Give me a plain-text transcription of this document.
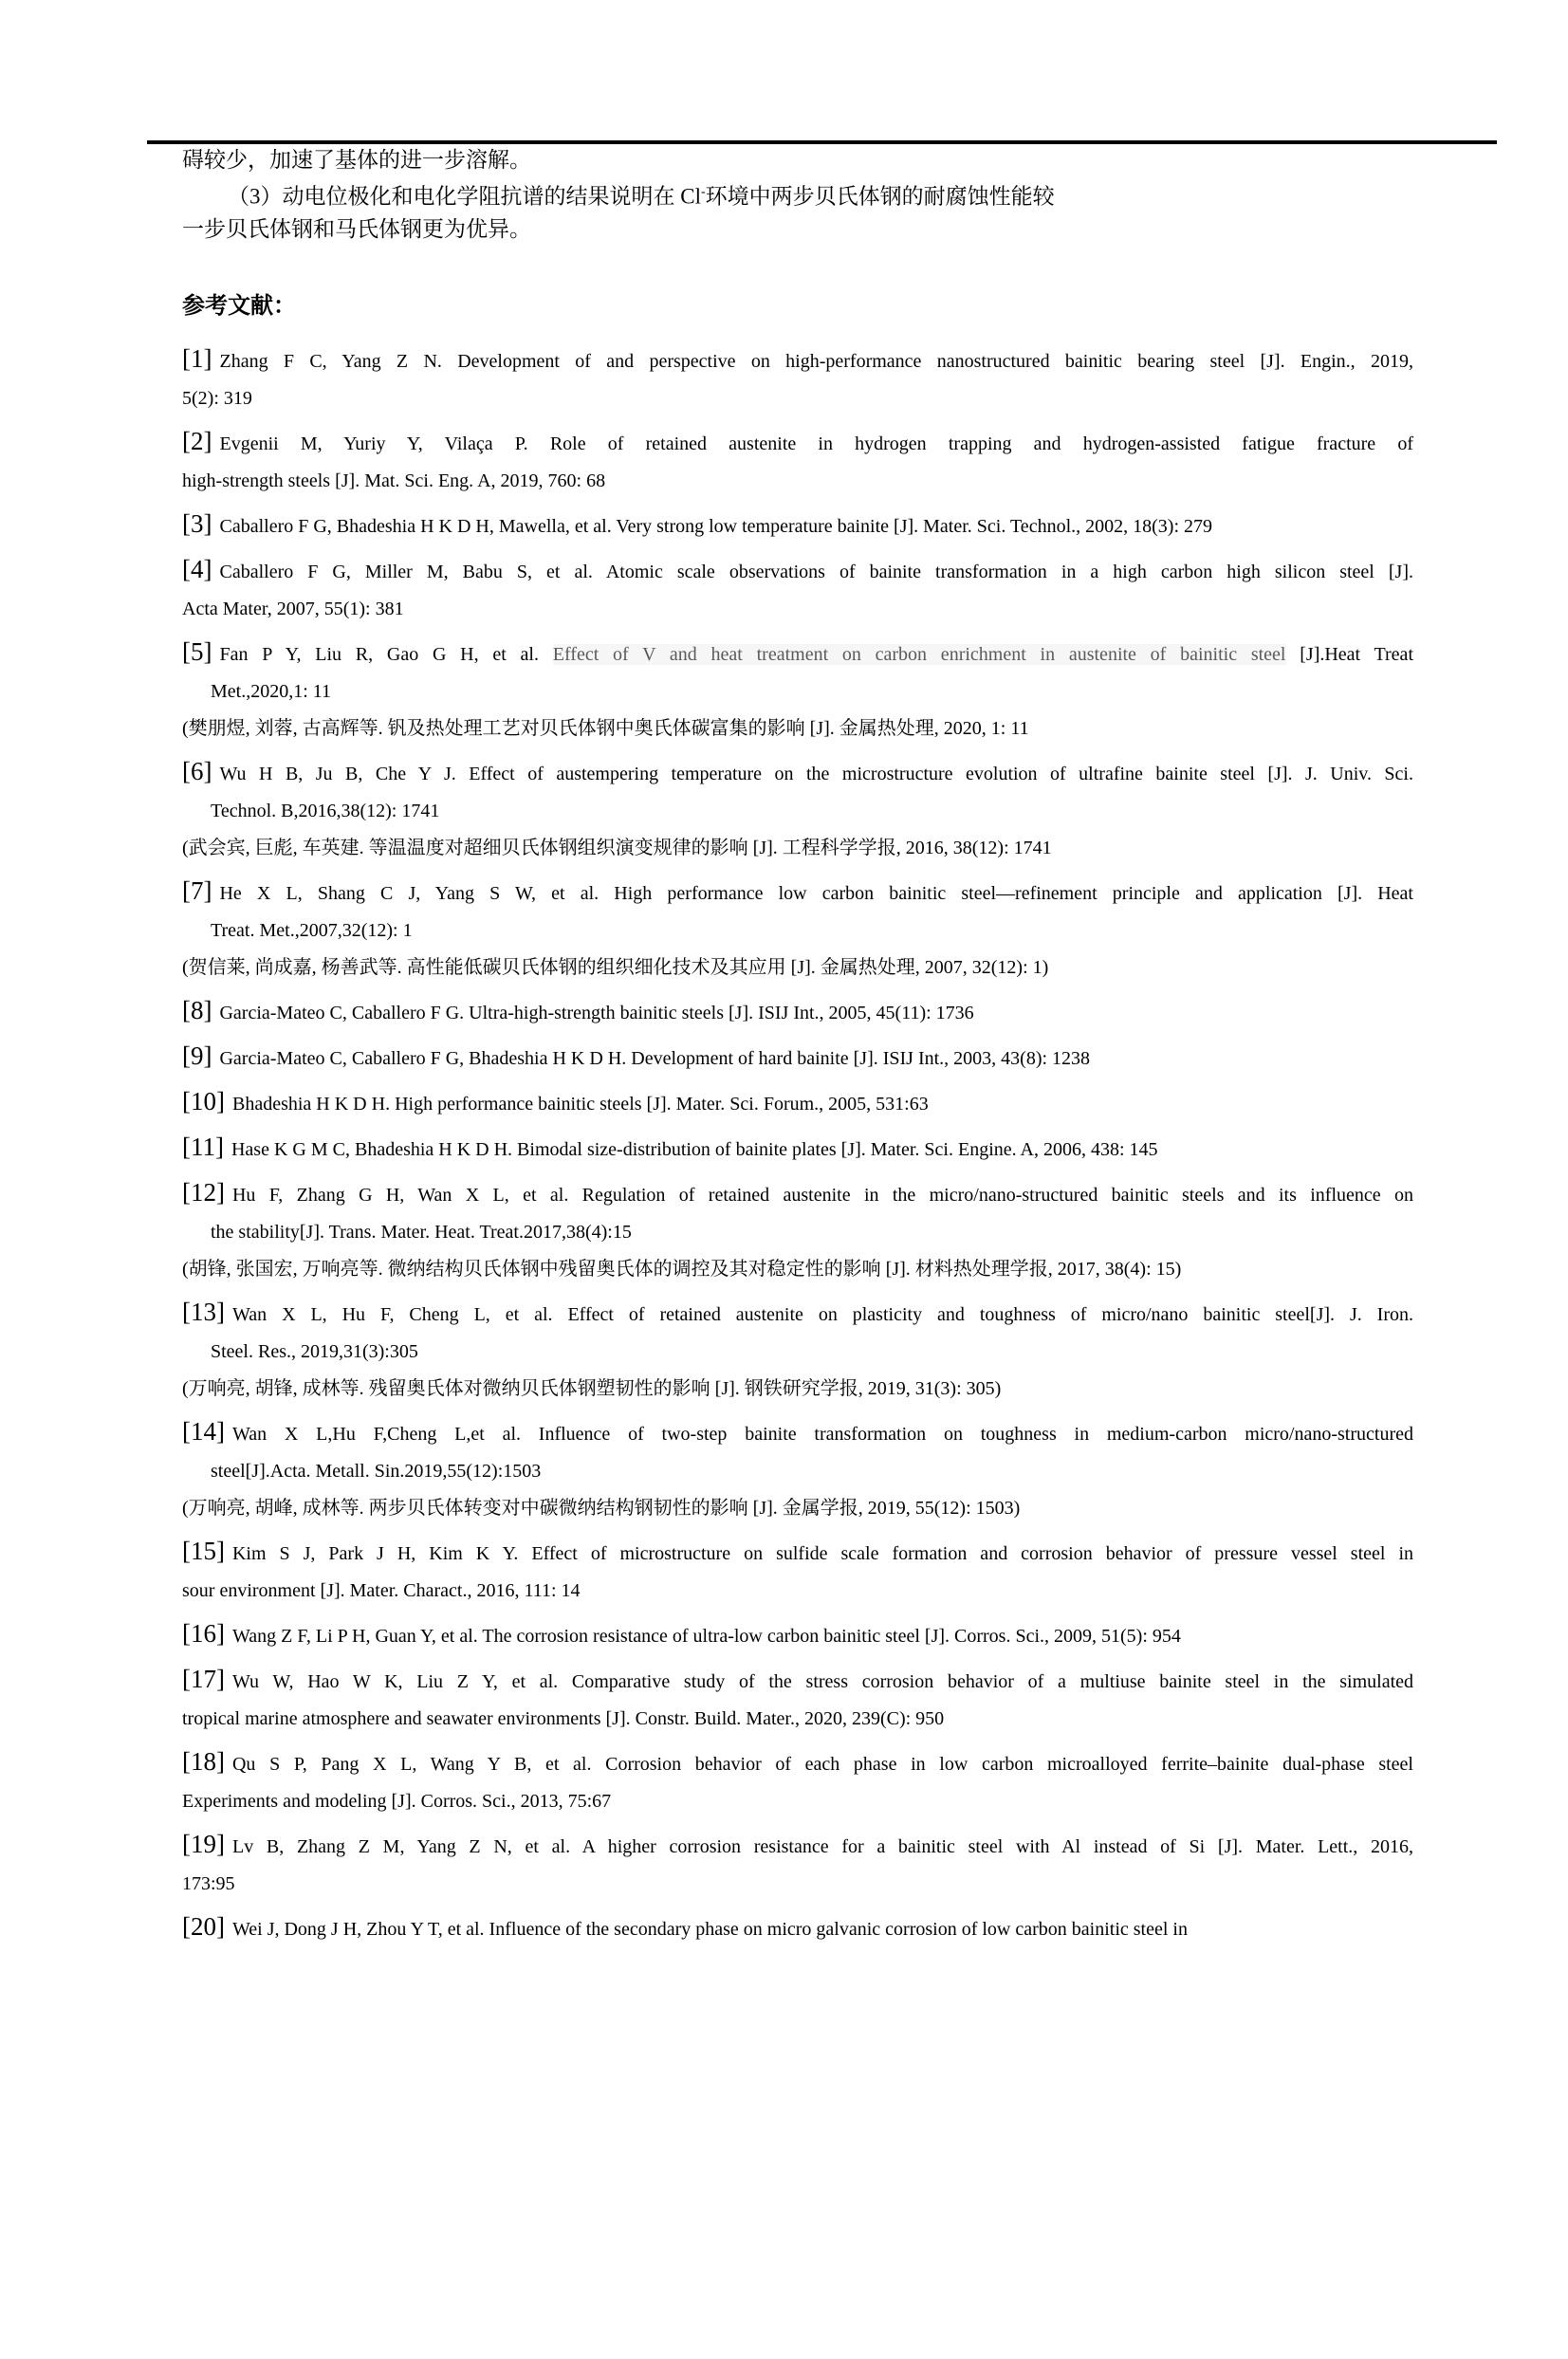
碍较少，加速了基体的进一步溶解。

（3）动电位极化和电化学阻抗谱的结果说明在 Cl-环境中两步贝氏体钢的耐腐蚀性能较

一步贝氏体钢和马氏体钢更为优异。

参考文献：

[1] Zhang F C, Yang Z N. Development of and perspective on high-performance nanostructured bainitic bearing steel [J]. Engin., 2019,
5(2): 319
[2] Evgenii M, Yuriy Y, Vilaça P. Role of retained austenite in hydrogen trapping and hydrogen-assisted fatigue fracture of
high-strength steels [J]. Mat. Sci. Eng. A, 2019, 760: 68
[3] Caballero F G, Bhadeshia H K D H, Mawella, et al. Very strong low temperature bainite [J]. Mater. Sci. Technol., 2002, 18(3): 279
[4] Caballero F G, Miller M, Babu S, et al. Atomic scale observations of bainite transformation in a high carbon high silicon steel [J].
Acta Mater, 2007, 55(1): 381
[5] Fan P Y, Liu R, Gao G H, et al. Effect of V and heat treatment on carbon enrichment in austenite of bainitic steel [J].Heat Treat
Met.,2020,1: 11
(樊朋煜, 刘蓉, 古高辉等. 钒及热处理工艺对贝氏体钢中奥氏体碳富集的影响 [J]. 金属热处理, 2020, 1: 11
[6] Wu H B, Ju B, Che Y J. Effect of austempering temperature on the microstructure evolution of ultrafine bainite steel [J]. J. Univ. Sci.
Technol. B,2016,38(12): 1741
(武会宾, 巨彪, 车英建. 等温温度对超细贝氏体钢组织演变规律的影响 [J]. 工程科学学报, 2016, 38(12): 1741
[7] He X L, Shang C J, Yang S W, et al. High performance low carbon bainitic steel—refinement principle and application [J]. Heat
Treat. Met.,2007,32(12): 1
(贺信莱, 尚成嘉, 杨善武等. 高性能低碳贝氏体钢的组织细化技术及其应用 [J]. 金属热处理, 2007, 32(12): 1)
[8] Garcia-Mateo C, Caballero F G. Ultra-high-strength bainitic steels [J]. ISIJ Int., 2005, 45(11): 1736
[9] Garcia-Mateo C, Caballero F G, Bhadeshia H K D H. Development of hard bainite [J]. ISIJ Int., 2003, 43(8): 1238
[10] Bhadeshia H K D H. High performance bainitic steels [J]. Mater. Sci. Forum., 2005, 531:63
[11] Hase K G M C, Bhadeshia H K D H. Bimodal size-distribution of bainite plates [J]. Mater. Sci. Engine. A, 2006, 438: 145
[12] Hu F, Zhang G H, Wan X L, et al. Regulation of retained austenite in the micro/nano-structured bainitic steels and its influence on
the stability[J]. Trans. Mater. Heat. Treat.2017,38(4):15
(胡锋, 张国宏, 万响亮等. 微纳结构贝氏体钢中残留奥氏体的调控及其对稳定性的影响 [J]. 材料热处理学报, 2017, 38(4): 15)
[13] Wan X L, Hu F, Cheng L, et al. Effect of retained austenite on plasticity and toughness of micro/nano bainitic steel[J]. J. Iron.
Steel. Res., 2019,31(3):305
(万响亮, 胡锋, 成林等. 残留奥氏体对微纳贝氏体钢塑韧性的影响 [J]. 钢铁研究学报, 2019, 31(3): 305)
[14] Wan X L,Hu F,Cheng L,et al. Influence of two-step bainite transformation on toughness in medium-carbon micro/nano-structured
steel[J].Acta. Metall. Sin.2019,55(12):1503
(万响亮, 胡峰, 成林等. 两步贝氏体转变对中碳微纳结构钢韧性的影响 [J]. 金属学报, 2019, 55(12): 1503)
[15] Kim S J, Park J H, Kim K Y. Effect of microstructure on sulfide scale formation and corrosion behavior of pressure vessel steel in
sour environment [J]. Mater. Charact., 2016, 111: 14
[16] Wang Z F, Li P H, Guan Y, et al. The corrosion resistance of ultra-low carbon bainitic steel [J]. Corros. Sci., 2009, 51(5): 954
[17] Wu W, Hao W K, Liu Z Y, et al. Comparative study of the stress corrosion behavior of a multiuse bainite steel in the simulated
tropical marine atmosphere and seawater environments [J]. Constr. Build. Mater., 2020, 239(C): 950
[18] Qu S P, Pang X L, Wang Y B, et al. Corrosion behavior of each phase in low carbon microalloyed ferrite–bainite dual-phase steel
Experiments and modeling [J]. Corros. Sci., 2013, 75:67
[19] Lv B, Zhang Z M, Yang Z N, et al. A higher corrosion resistance for a bainitic steel with Al instead of Si [J]. Mater. Lett., 2016,
173:95
[20] Wei J, Dong J H, Zhou Y T, et al. Influence of the secondary phase on micro galvanic corrosion of low carbon bainitic steel in
